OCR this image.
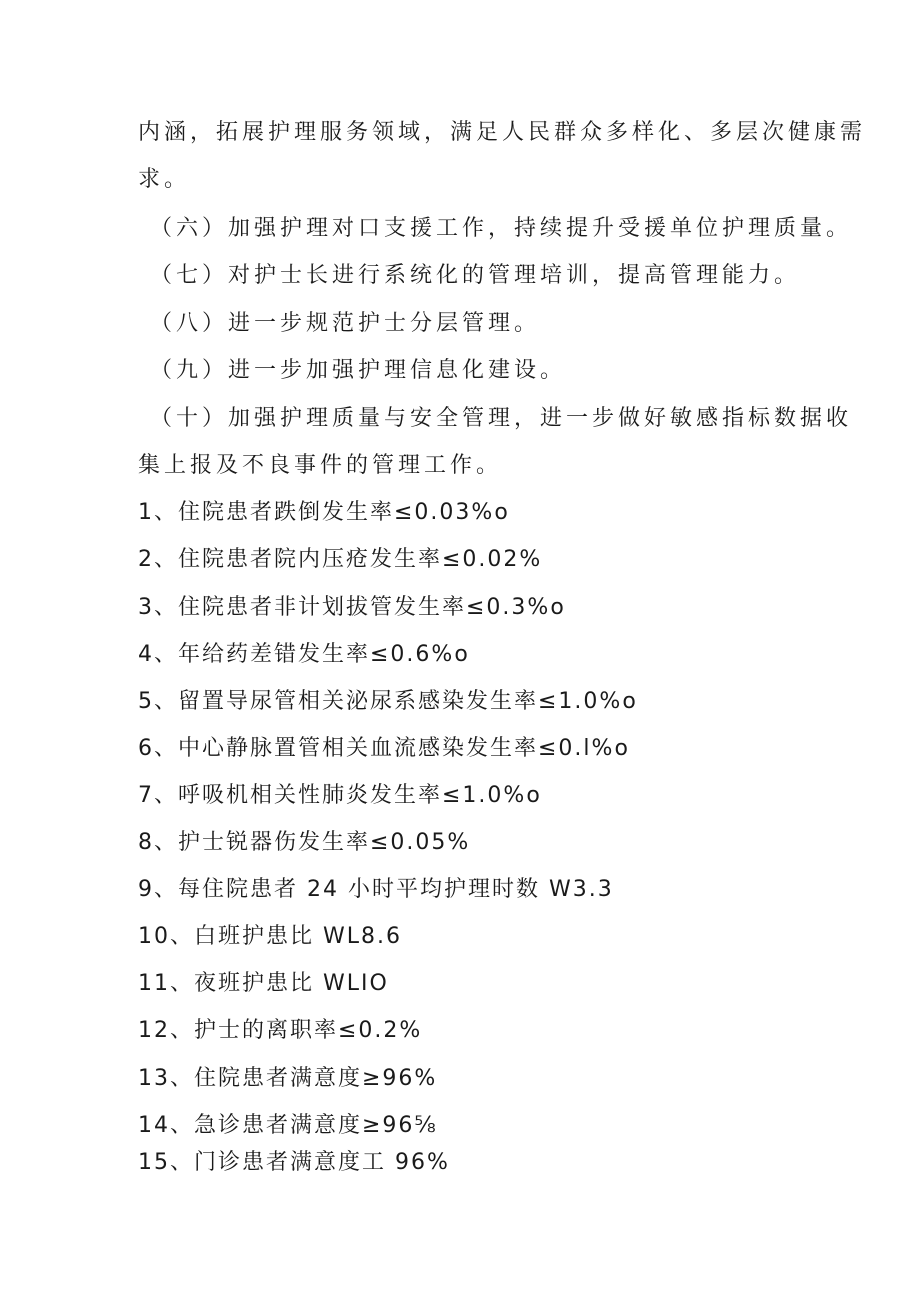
内涵，拓展护理服务领域，满足人民群众多样化、多层次健康需
求。
（六）加强护理对口支援工作，持续提升受援单位护理质量。
（七）对护士长进行系统化的管理培训，提高管理能力。
（八）进一步规范护士分层管理。
（九）进一步加强护理信息化建设。
（十）加强护理质量与安全管理，进一步做好敏感指标数据收
集上报及不良事件的管理工作。
1、住院患者跌倒发生率≤0.03%o
2、住院患者院内压疮发生率≤0.02%
3、住院患者非计划拔管发生率≤0.3%o
4、年给药差错发生率≤0.6%o
5、留置导尿管相关泌尿系感染发生率≤1.0%o
6、中心静脉置管相关血流感染发生率≤0.l%o
7、呼吸机相关性肺炎发生率≤1.0%o
8、护士锐器伤发生率≤0.05%
9、每住院患者 24 小时平均护理时数 W3.3
10、白班护患比 WL8.6
11、夜班护患比 WLIO
12、护士的离职率≤0.2%
13、住院患者满意度≥96%
14、急诊患者满意度≥96⅝
15、门诊患者满意度工 96%
